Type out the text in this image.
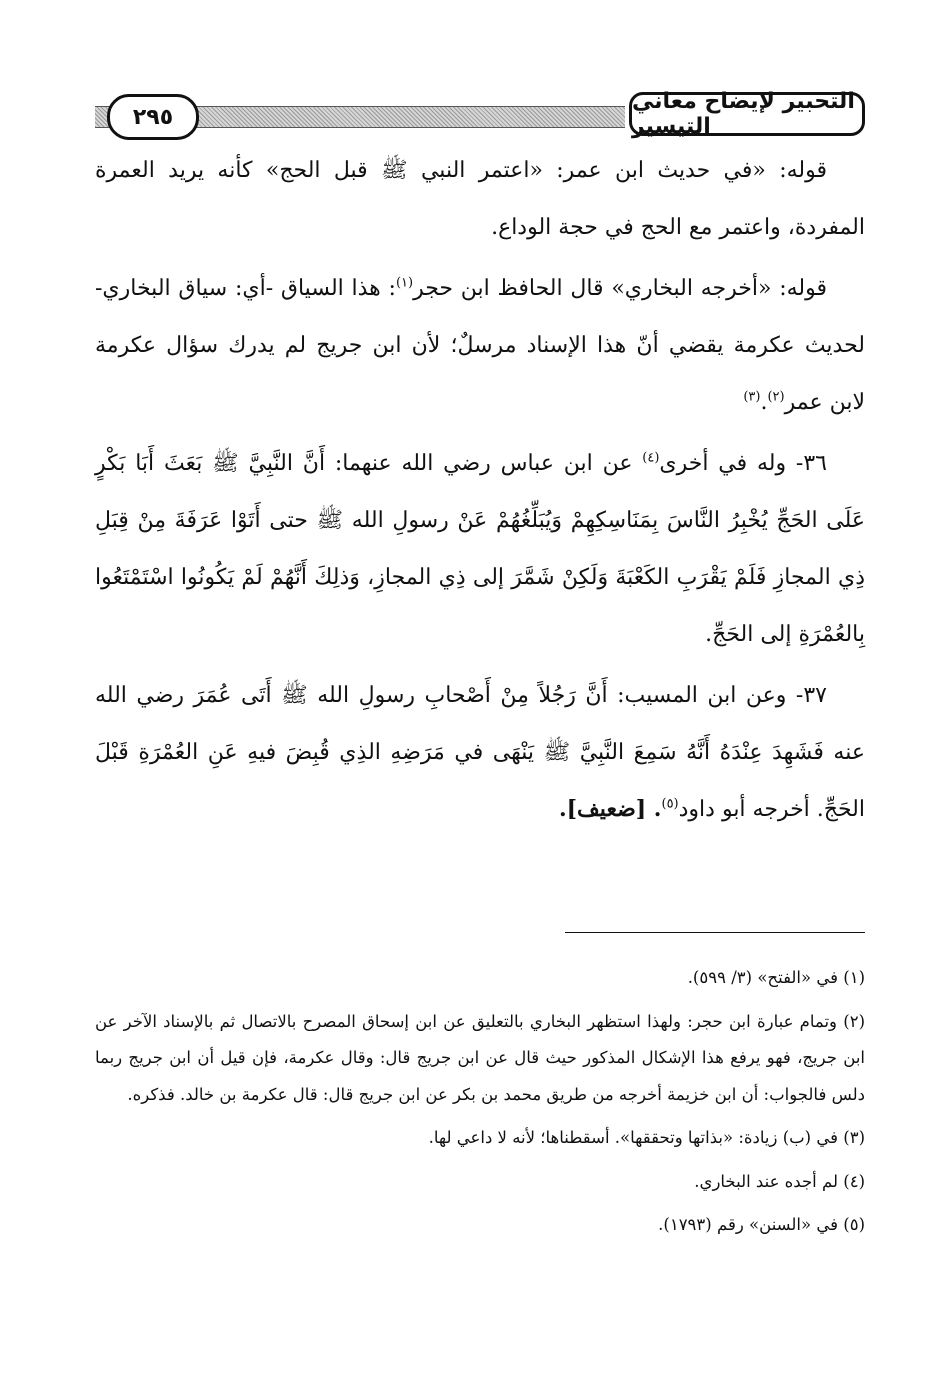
٢٩٥
التحبير لإيضاح معاني التيسير

قوله: «في حديث ابن عمر: «اعتمر النبي ﷺ قبل الحج» كأنه يريد العمرة المفردة، واعتمر مع الحج في حجة الوداع.

قوله: «أخرجه البخاري» قال الحافظ ابن حجر$^{(١)}$: هذا السياق -أي: سياق البخاري- لحديث عكرمة يقضي أنّ هذا الإسناد مرسلٌ؛ لأن ابن جريج لم يدرك سؤال عكرمة لابن عمر$^{(٢)}$.$^{(٣)}$

٣٦- وله في أخرى$^{(٤)}$ عن ابن عباس رضي الله عنهما: أَنَّ النَّبِيَّ ﷺ بَعَثَ أَبَا بَكْرٍ عَلَى الحَجِّ يُخْبِرُ النَّاسَ بِمَنَاسِكِهِمْ وَيُبَلِّغُهُمْ عَنْ رسولِ الله ﷺ حتى أَتَوْا عَرَفَةَ مِنْ قِبَلِ ذِي المجازِ فَلَمْ يَقْرَبِ الكَعْبَةَ وَلَكِنْ شَمَّرَ إلى ذِي المجازِ، وَذلِكَ أَنَّهُمْ لَمْ يَكُونُوا اسْتَمْتَعُوا بِالعُمْرَةِ إلى الحَجِّ.

٣٧- وعن ابن المسيب: أَنَّ رَجُلاً مِنْ أَصْحابِ رسولِ الله ﷺ أَتَى عُمَرَ رضي الله عنه فَشَهِدَ عِنْدَهُ أَنَّهُ سَمِعَ النَّبِيَّ ﷺ يَنْهَى في مَرَضِهِ الذِي قُبِضَ فيهِ عَنِ العُمْرَةِ قَبْلَ الحَجِّ. أخرجه أبو داود$^{(٥)}$. [ضعيف].

(١) في «الفتح» (٣/ ٥٩٩).

(٢) وتمام عبارة ابن حجر: ولهذا استظهر البخاري بالتعليق عن ابن إسحاق المصرح بالاتصال ثم بالإسناد الآخر عن ابن جريج، فهو يرفع هذا الإشكال المذكور حيث قال عن ابن جريج قال: وقال عكرمة، فإن قيل أن ابن جريج ربما دلس فالجواب: أن ابن خزيمة أخرجه من طريق محمد بن بكر عن ابن جريج قال: قال عكرمة بن خالد. فذكره.

(٣) في (ب) زيادة: «بذاتها وتحققها». أسقطناها؛ لأنه لا داعي لها.

(٤) لم أجده عند البخاري.

(٥) في «السنن» رقم (١٧٩٣).
